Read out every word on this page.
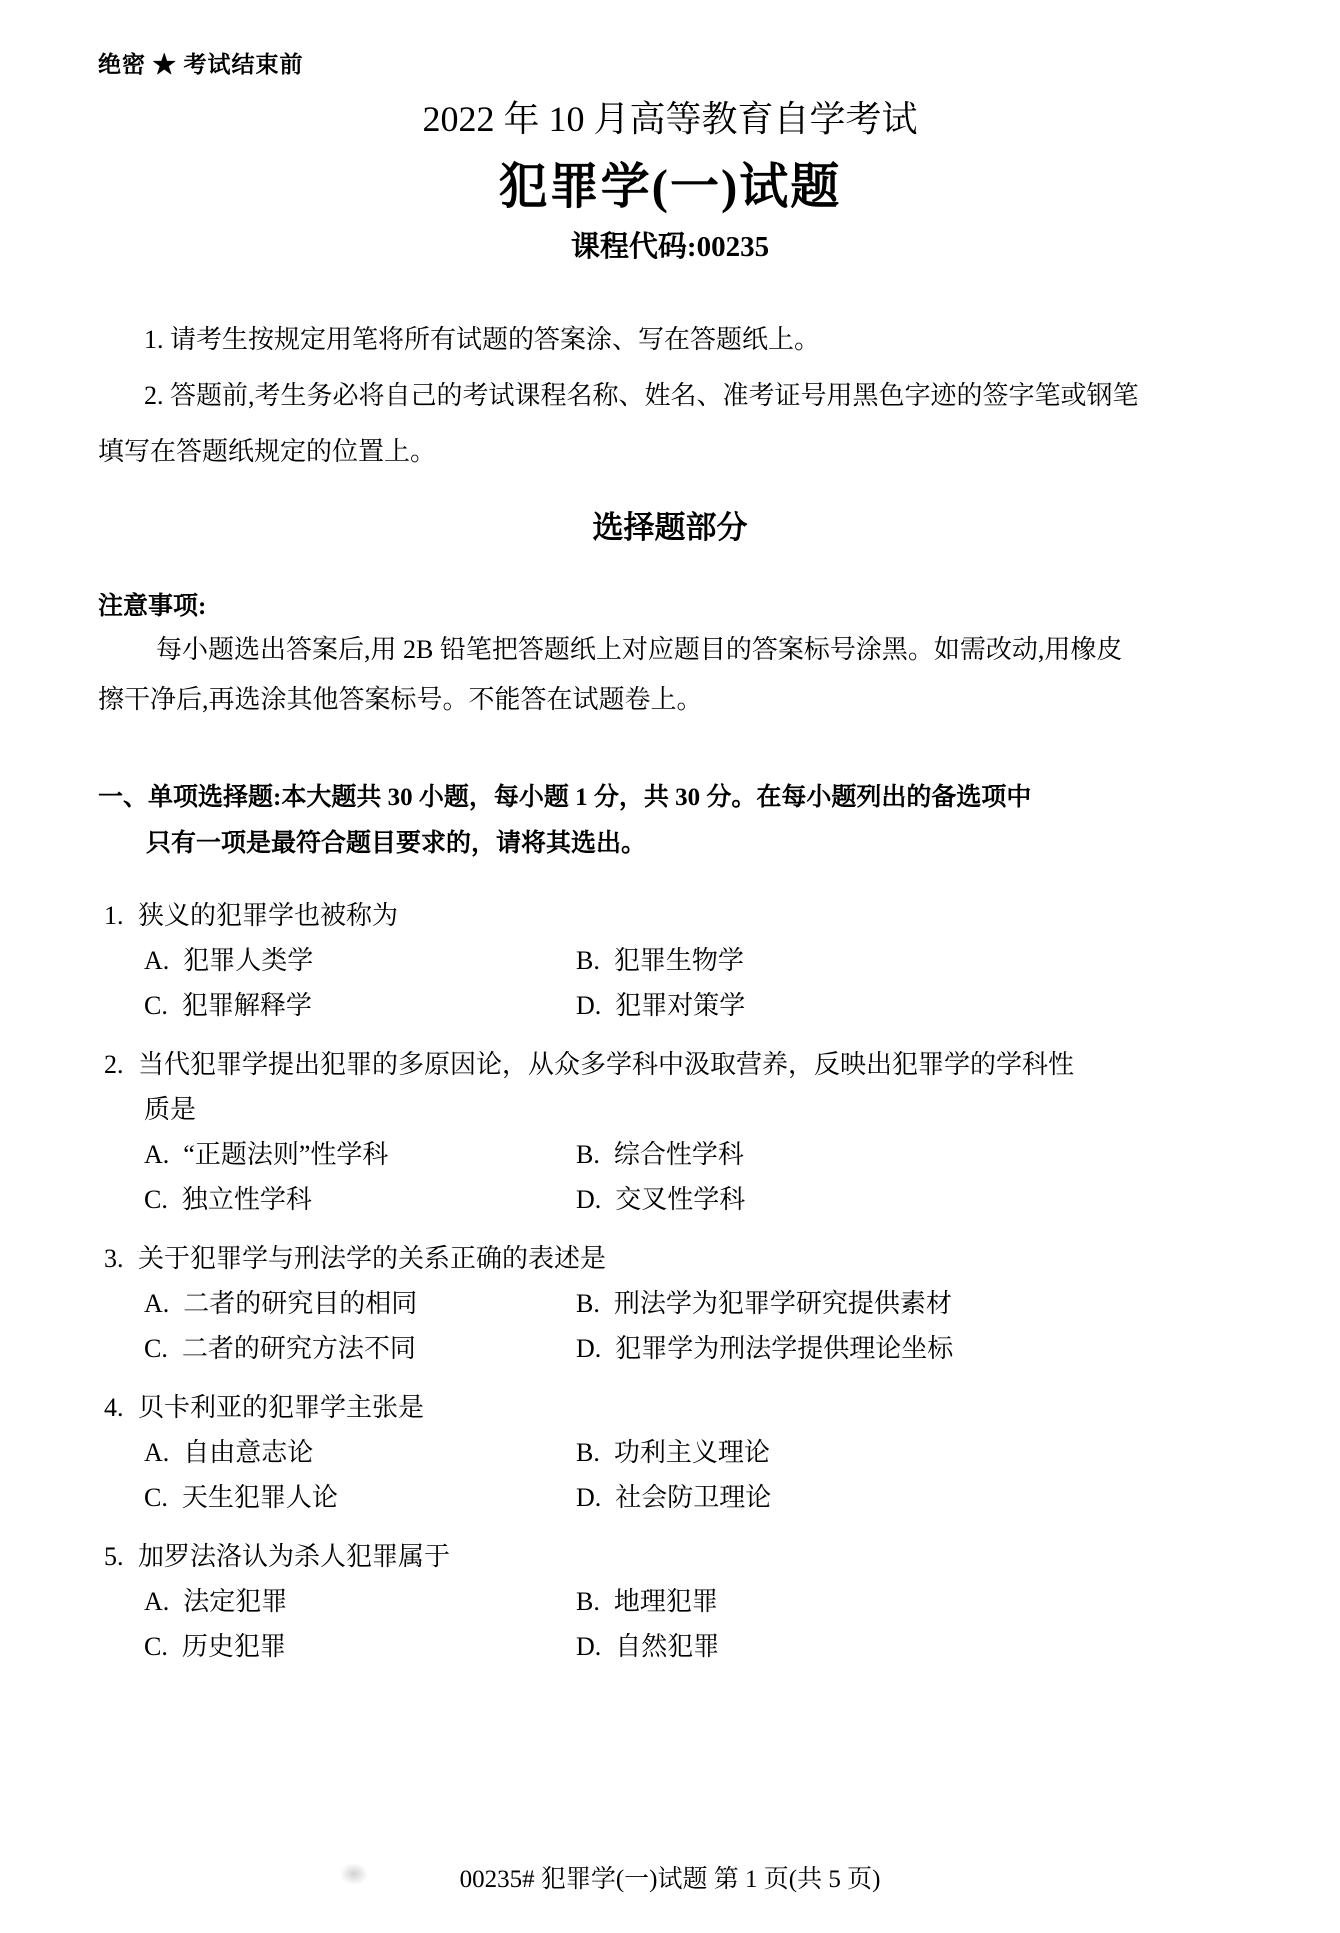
绝密 ★ 考试结束前

2022 年 10 月高等教育自学考试

犯罪学(一)试题

课程代码:00235

1. 请考生按规定用笔将所有试题的答案涂、写在答题纸上。

2. 答题前,考生务必将自己的考试课程名称、姓名、准考证号用黑色字迹的签字笔或钢笔

填写在答题纸规定的位置上。

选择题部分

注意事项:

每小题选出答案后,用 2B 铅笔把答题纸上对应题目的答案标号涂黑。如需改动,用橡皮

擦干净后,再选涂其他答案标号。不能答在试题卷上。

一、单项选择题:本大题共 30 小题，每小题 1 分，共 30 分。在每小题列出的备选项中

只有一项是最符合题目要求的，请将其选出。

1. 狭义的犯罪学也被称为
A. 犯罪人类学	B. 犯罪生物学
C. 犯罪解释学	D. 犯罪对策学
2. 当代犯罪学提出犯罪的多原因论，从众多学科中汲取营养，反映出犯罪学的学科性
质是
A. “正题法则”性学科	B. 综合性学科
C. 独立性学科	D. 交叉性学科
3. 关于犯罪学与刑法学的关系正确的表述是
A. 二者的研究目的相同	B. 刑法学为犯罪学研究提供素材
C. 二者的研究方法不同	D. 犯罪学为刑法学提供理论坐标
4. 贝卡利亚的犯罪学主张是
A. 自由意志论	B. 功利主义理论
C. 天生犯罪人论	D. 社会防卫理论
5. 加罗法洛认为杀人犯罪属于
A. 法定犯罪	B. 地理犯罪
C. 历史犯罪	D. 自然犯罪
00235# 犯罪学(一)试题 第 1 页(共 5 页)
